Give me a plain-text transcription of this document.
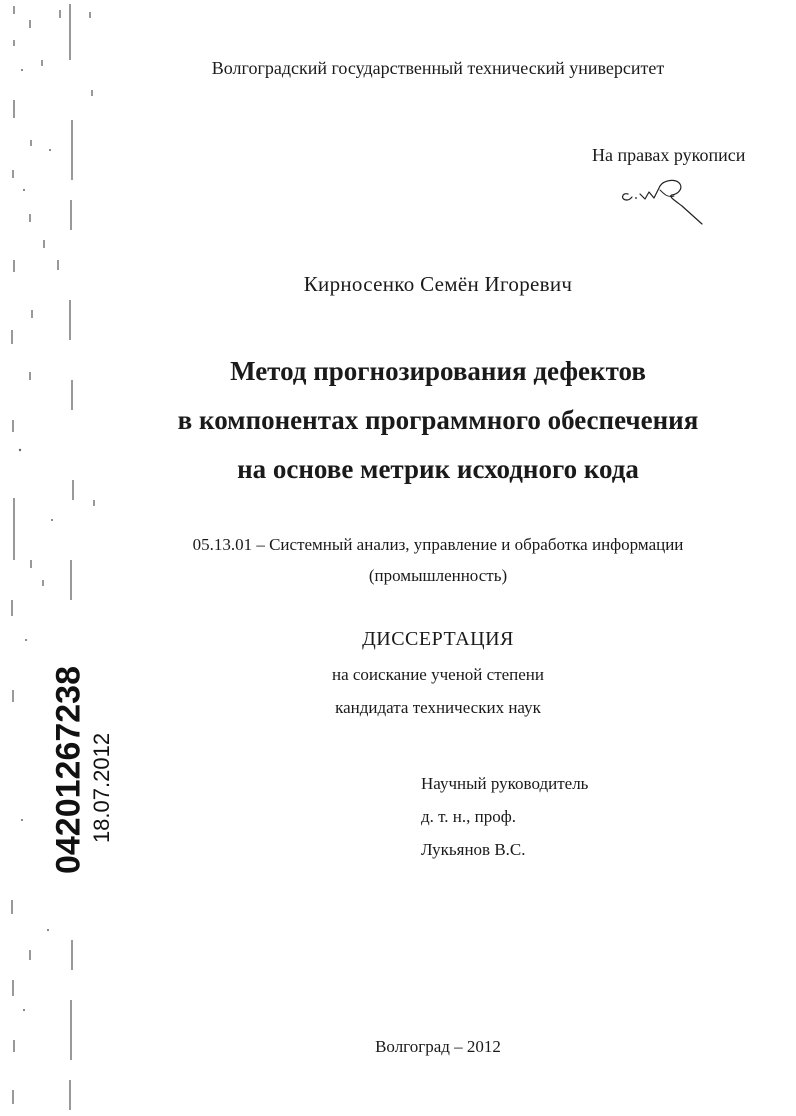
04201267238 18.07.2012
Волгоградский государственный технический университет
На правах рукописи
Кирносенко Семён Игоревич
Метод прогнозирования дефектов
в компонентах программного обеспечения
на основе метрик исходного кода
05.13.01 – Системный анализ, управление и обработка информации
(промышленность)
ДИССЕРТАЦИЯ
на соискание ученой степени
кандидата технических наук
Научный руководитель
д. т. н., проф.
Лукьянов В.С.
Волгоград – 2012
